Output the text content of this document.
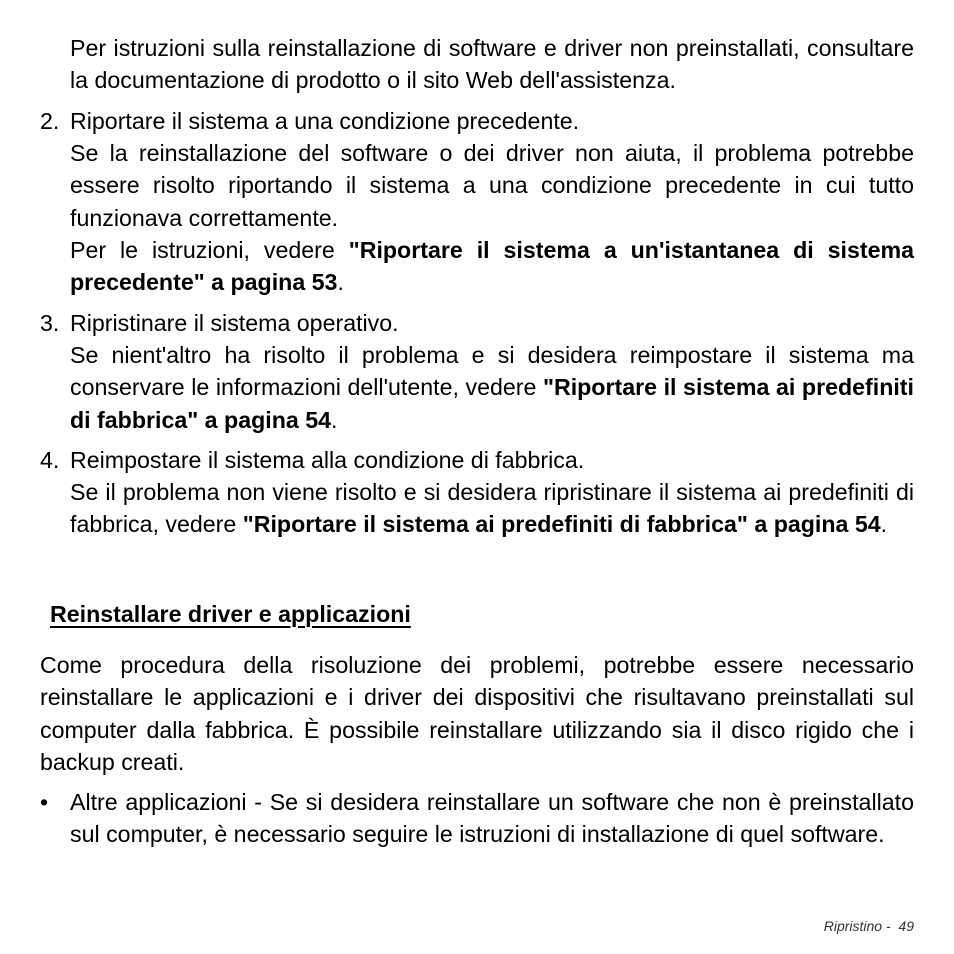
Per istruzioni sulla reinstallazione di software e driver non preinstallati, consultare la documentazione di prodotto o il sito Web dell'assistenza.

2. Riportare il sistema a una condizione precedente.

Se la reinstallazione del software o dei driver non aiuta, il problema potrebbe essere risolto riportando il sistema a una condizione precedente in cui tutto funzionava correttamente.

Per le istruzioni, vedere "Riportare il sistema a un'istantanea di sistema precedente" a pagina 53.

3. Ripristinare il sistema operativo.

Se nient'altro ha risolto il problema e si desidera reimpostare il sistema ma conservare le informazioni dell'utente, vedere "Riportare il sistema ai predefiniti di fabbrica" a pagina 54.

4. Reimpostare il sistema alla condizione di fabbrica.

Se il problema non viene risolto e si desidera ripristinare il sistema ai predefiniti di fabbrica, vedere "Riportare il sistema ai predefiniti di fabbrica" a pagina 54.

Reinstallare driver e applicazioni

Come procedura della risoluzione dei problemi, potrebbe essere necessario reinstallare le applicazioni e i driver dei dispositivi che risultavano preinstallati sul computer dalla fabbrica. È possibile reinstallare utilizzando sia il disco rigido che i backup creati.

• Altre applicazioni - Se si desidera reinstallare un software che non è preinstallato sul computer, è necessario seguire le istruzioni di installazione di quel software.

Ripristino - 49
